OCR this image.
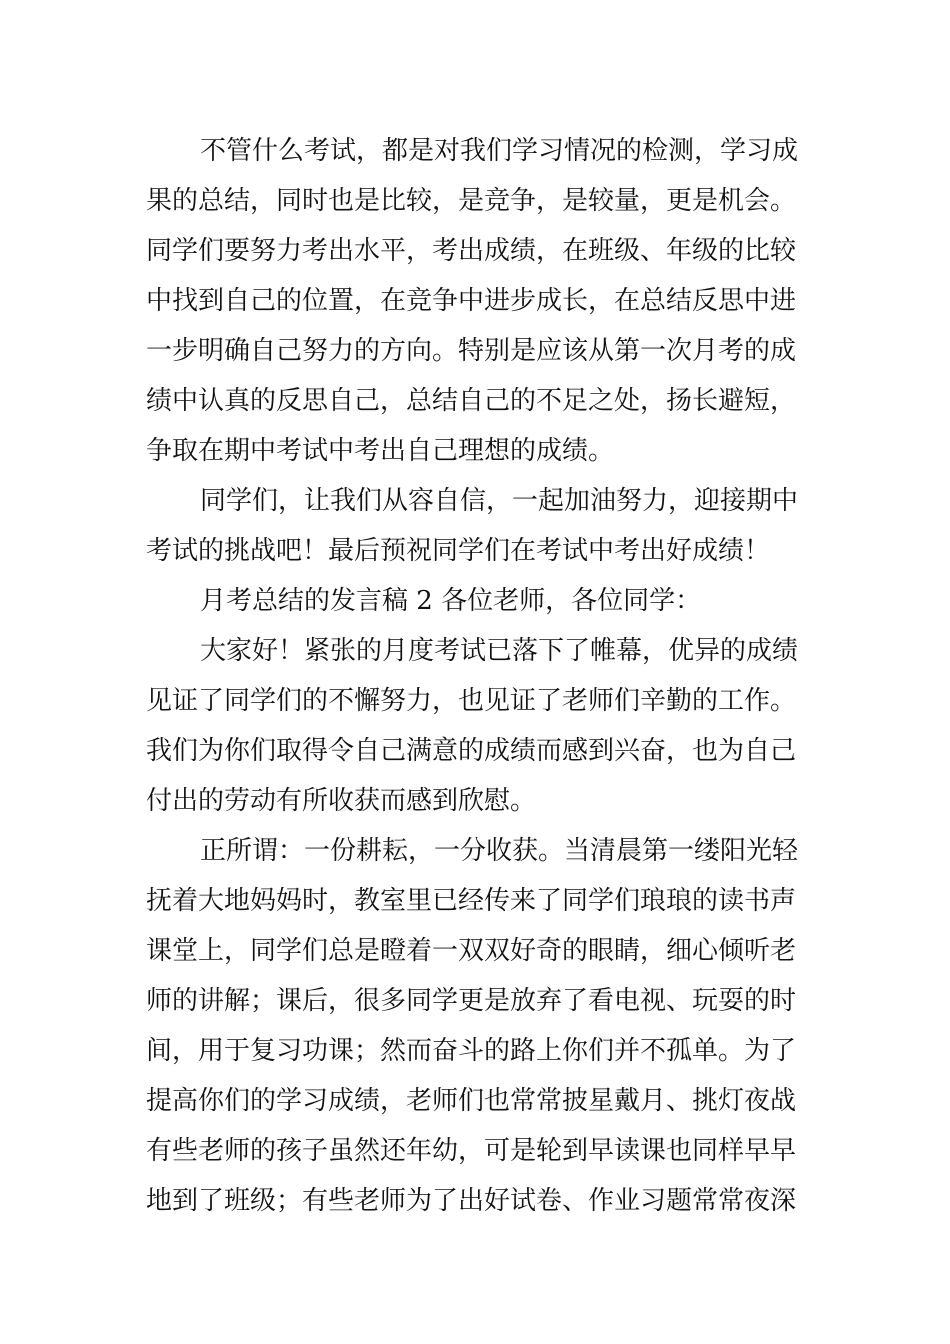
不管什么考试，都是对我们学习情况的检测，学习成
果的总结，同时也是比较，是竞争，是较量，更是机会。
同学们要努力考出水平，考出成绩，在班级、年级的比较
中找到自己的位置，在竞争中进步成长，在总结反思中进
一步明确自己努力的方向。特别是应该从第一次月考的成
绩中认真的反思自己，总结自己的不足之处，扬长避短，
争取在期中考试中考出自己理想的成绩。
同学们，让我们从容自信，一起加油努力，迎接期中
考试的挑战吧！最后预祝同学们在考试中考出好成绩！
月考总结的发言稿 2 各位老师，各位同学：
大家好！紧张的月度考试已落下了帷幕，优异的成绩
见证了同学们的不懈努力，也见证了老师们辛勤的工作。
我们为你们取得令自己满意的成绩而感到兴奋，也为自己
付出的劳动有所收获而感到欣慰。
正所谓：一份耕耘，一分收获。当清晨第一缕阳光轻
抚着大地妈妈时，教室里已经传来了同学们琅琅的读书声
课堂上，同学们总是瞪着一双双好奇的眼睛，细心倾听老
师的讲解；课后，很多同学更是放弃了看电视、玩耍的时
间，用于复习功课；然而奋斗的路上你们并不孤单。为了
提高你们的学习成绩，老师们也常常披星戴月、挑灯夜战
有些老师的孩子虽然还年幼，可是轮到早读课也同样早早
地到了班级；有些老师为了出好试卷、作业习题常常夜深
